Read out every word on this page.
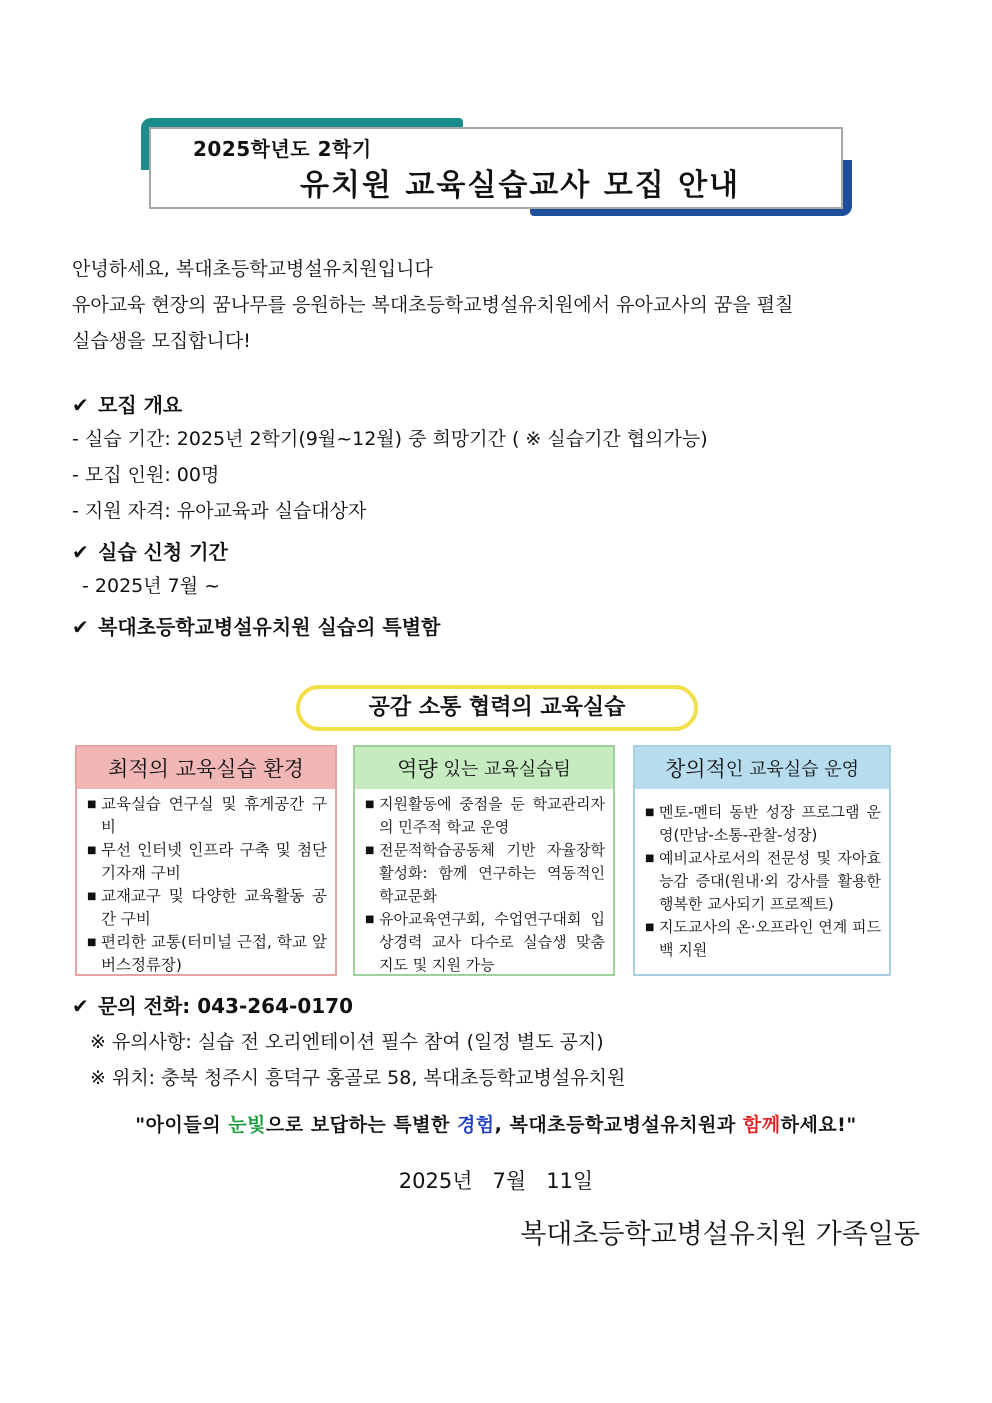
2025학년도 2학기
유치원 교육실습교사 모집 안내
안녕하세요, 복대초등학교병설유치원입니다
유아교육 현장의 꿈나무를 응원하는 복대초등학교병설유치원에서 유아교사의 꿈을 펼칠
실습생을 모집합니다!
✔ 모집 개요
- 실습 기간: 2025년 2학기(9월~12월) 중 희망기간 ( ※ 실습기간 협의가능)
- 모집 인원: 00명
- 지원 자격: 유아교육과 실습대상자
✔ 실습 신청 기간
- 2025년 7월 ~
✔ 복대초등학교병설유치원 실습의 특별함
공감 소통 협력의 교육실습
최적의 교육실습 환경
■ 교육실습 연구실 및 휴게공간 구비
■ 무선 인터넷 인프라 구축 및 첨단기자재 구비
■ 교재교구 및 다양한 교육활동 공간 구비
■ 편리한 교통(터미널 근접, 학교 앞 버스정류장)
역량 있는 교육실습팀
■ 지원활동에 중점을 둔 학교관리자의 민주적 학교 운영
■ 전문적학습공동체 기반 자율장학 활성화: 함께 연구하는 역동적인 학교문화
■ 유아교육연구회, 수업연구대회 입상경력 교사 다수로 실습생 맞춤 지도 및 지원 가능
창의적 인 교육실습 운영
■ 멘토-멘티 동반 성장 프로그램 운영(만남-소통-관찰-성장)
■ 예비교사로서의 전문성 및 자아효능감 증대(원내·외 강사를 활용한 행복한 교사되기 프로젝트)
■ 지도교사의 온·오프라인 연계 피드백 지원
✔ 문의 전화: 043-264-0170
※ 유의사항: 실습 전 오리엔테이션 필수 참여 (일정 별도 공지)
※ 위치: 충북 청주시 흥덕구 홍골로 58, 복대초등학교병설유치원
"아이들의 눈빛으로 보답하는 특별한 경험, 복대초등학교병설유치원과 함께하세요!"
2025년   7월   11일
복대초등학교병설유치원 가족일동
